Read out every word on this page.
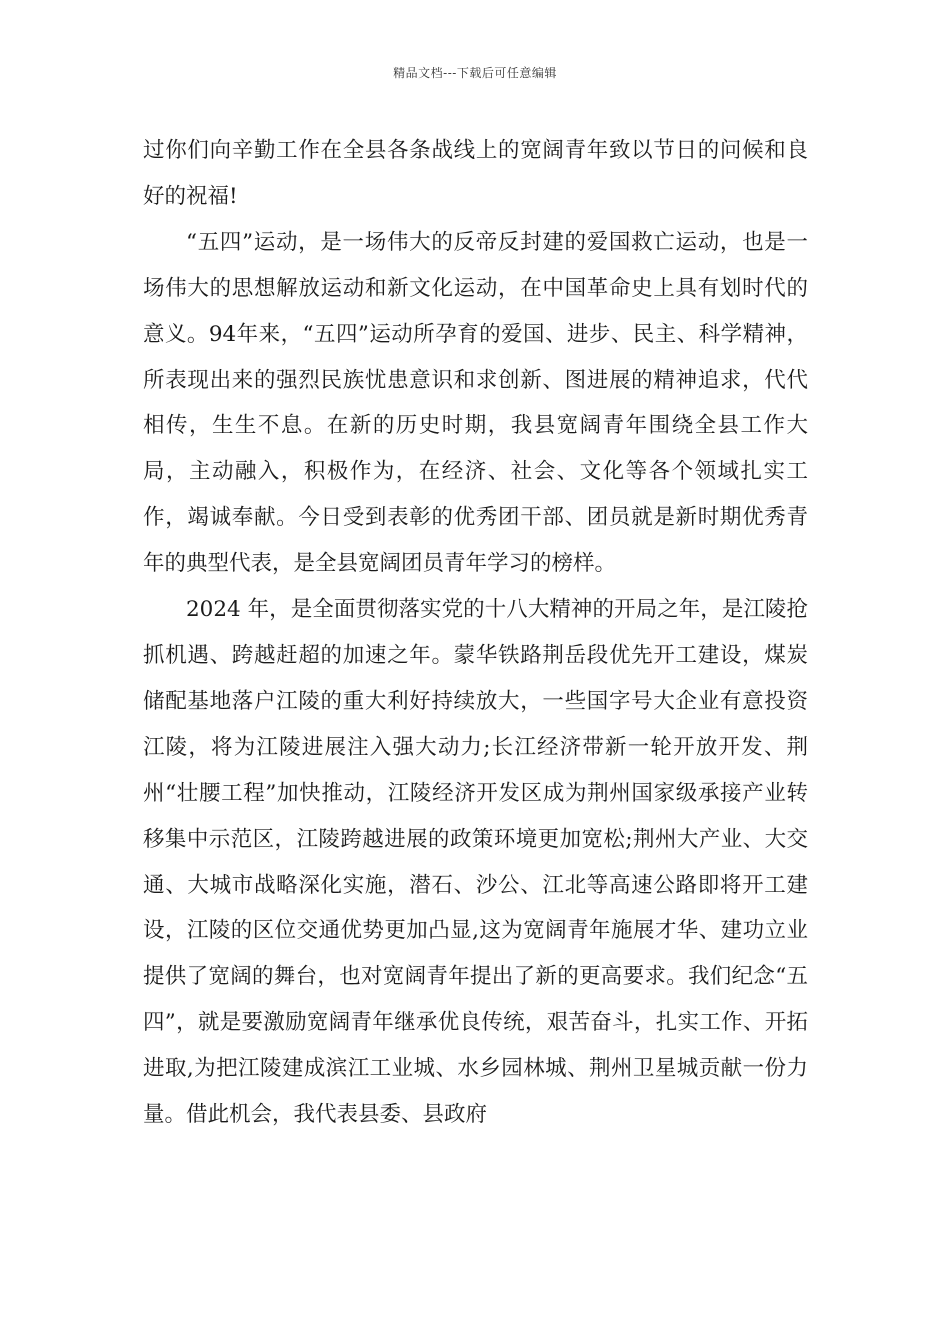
精品文档---下载后可任意编辑

过你们向辛勤工作在全县各条战线上的宽阔青年致以节日的问候和良好的祝福!

“五四”运动，是一场伟大的反帝反封建的爱国救亡运动，也是一场伟大的思想解放运动和新文化运动，在中国革命史上具有划时代的意义。94年来，“五四”运动所孕育的爱国、进步、民主、科学精神，所表现出来的强烈民族忧患意识和求创新、图进展的精神追求，代代相传，生生不息。在新的历史时期，我县宽阔青年围绕全县工作大局，主动融入，积极作为，在经济、社会、文化等各个领域扎实工作，竭诚奉献。今日受到表彰的优秀团干部、团员就是新时期优秀青年的典型代表，是全县宽阔团员青年学习的榜样。

2024 年，是全面贯彻落实党的十八大精神的开局之年，是江陵抢抓机遇、跨越赶超的加速之年。蒙华铁路荆岳段优先开工建设，煤炭储配基地落户江陵的重大利好持续放大，一些国字号大企业有意投资江陵，将为江陵进展注入强大动力;长江经济带新一轮开放开发、荆州“壮腰工程”加快推动，江陵经济开发区成为荆州国家级承接产业转移集中示范区，江陵跨越进展的政策环境更加宽松;荆州大产业、大交通、大城市战略深化实施，潜石、沙公、江北等高速公路即将开工建设，江陵的区位交通优势更加凸显,这为宽阔青年施展才华、建功立业提供了宽阔的舞台，也对宽阔青年提出了新的更高要求。我们纪念“五四”，就是要激励宽阔青年继承优良传统，艰苦奋斗，扎实工作、开拓进取,为把江陵建成滨江工业城、水乡园林城、荆州卫星城贡献一份力量。借此机会，我代表县委、县政府
